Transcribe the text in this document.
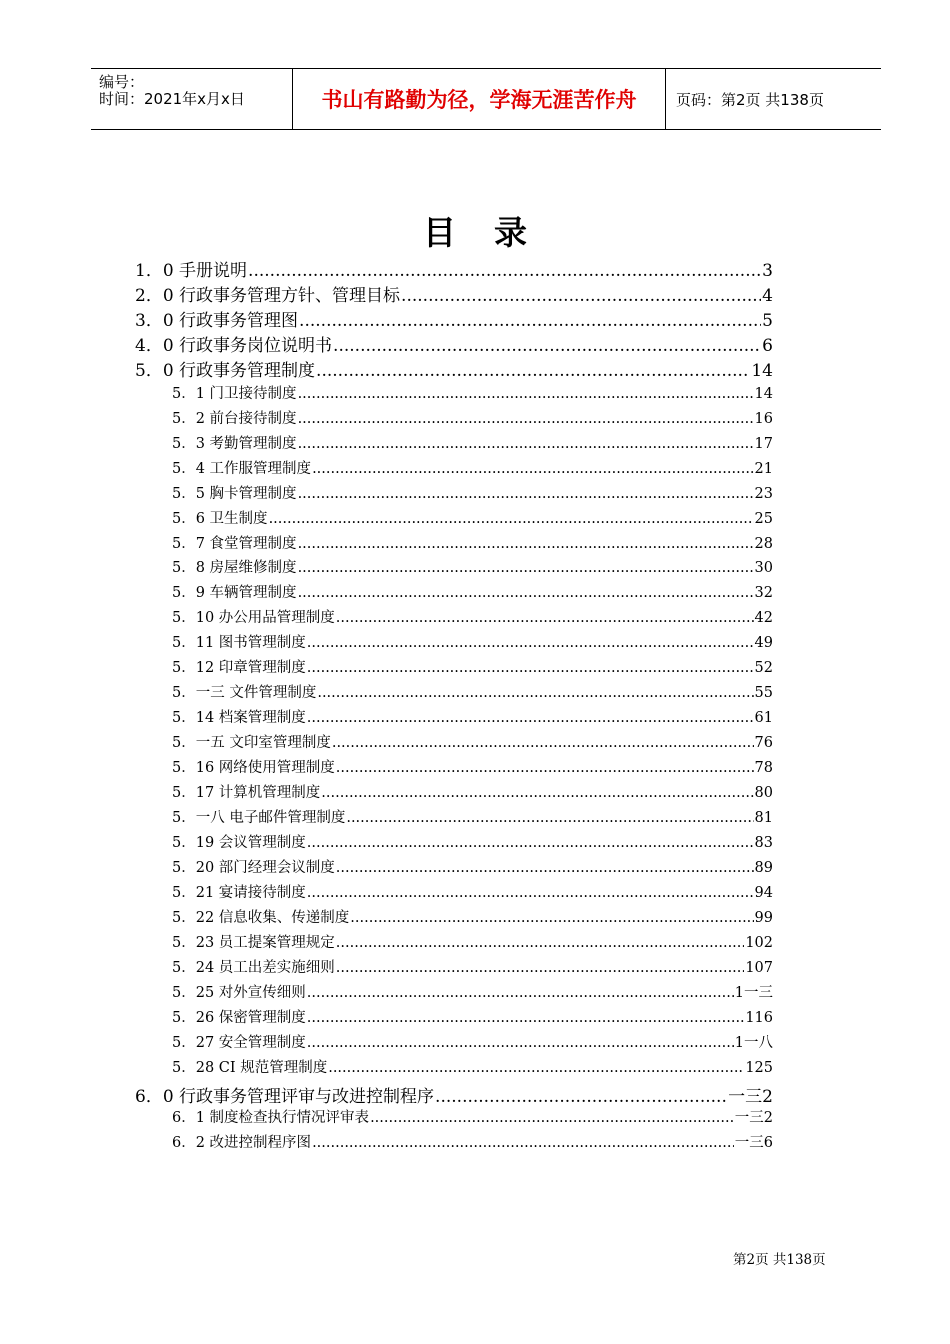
编号：
时间：2021年x月x日	书山有路勤为径，学海无涯苦作舟	页码：第2页 共138页
目录
1．0 手册说明 .....	3
2．0 行政事务管理方针、管理目标 .....	4
3．0 行政事务管理图 .....	5
4．0 行政事务岗位说明书 .....	6
5．0 行政事务管理制度 .....	14
5．1 门卫接待制度 .....	14
5．2 前台接待制度 .....	16
5．3 考勤管理制度 .....	17
5．4 工作服管理制度 .....	21
5．5 胸卡管理制度 .....	23
5．6 卫生制度 .....	25
5．7 食堂管理制度 .....	28
5．8 房屋维修制度 .....	30
5．9 车辆管理制度 .....	32
5．10 办公用品管理制度 .....	42
5．11 图书管理制度 .....	49
5．12 印章管理制度 .....	52
5．一三 文件管理制度 .....	55
5．14 档案管理制度 .....	61
5．一五 文印室管理制度 .....	76
5．16 网络使用管理制度 .....	78
5．17 计算机管理制度 .....	80
5．一八 电子邮件管理制度 .....	81
5．19 会议管理制度 .....	83
5．20 部门经理会议制度 .....	89
5．21 宴请接待制度 .....	94
5．22 信息收集、传递制度 .....	99
5．23 员工提案管理规定 .....	102
5．24 员工出差实施细则 .....	107
5．25 对外宣传细则 .....	1一三
5．26 保密管理制度 .....	116
5．27 安全管理制度 .....	1一八
5．28 CI 规范管理制度 .....	125
6．0 行政事务管理评审与改进控制程序 .....	一三2
6．1 制度检查执行情况评审表 .....	一三2
6．2 改进控制程序图 .....	一三6
第2页 共138页
